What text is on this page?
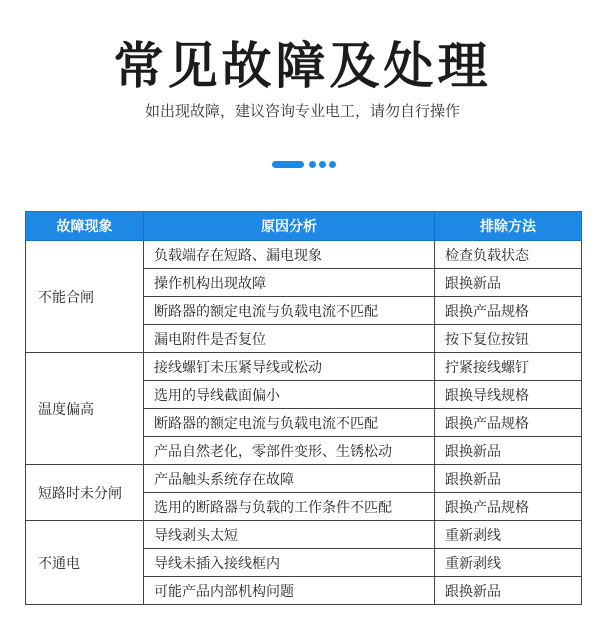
常见故障及处理
如出现故障，建议咨询专业电工，请勿自行操作
故障现象	原因分析	排除方法
不能合闸	负载端存在短路、漏电现象	检查负载状态
	操作机构出现故障	跟换新品
	断路器的额定电流与负载电流不匹配	跟换产品规格
	漏电附件是否复位	按下复位按钮
温度偏高	接线螺钉未压紧导线或松动	拧紧接线螺钉
	选用的导线截面偏小	跟换导线规格
	断路器的额定电流与负载电流不匹配	跟换产品规格
	产品自然老化，零部件变形、生锈松动	跟换新品
短路时未分闸	产品触头系统存在故障	跟换新品
	选用的断路器与负载的工作条件不匹配	跟换产品规格
不通电	导线剥头太短	重新剥线
	导线未插入接线框内	重新剥线
	可能产品内部机构问题	跟换新品
